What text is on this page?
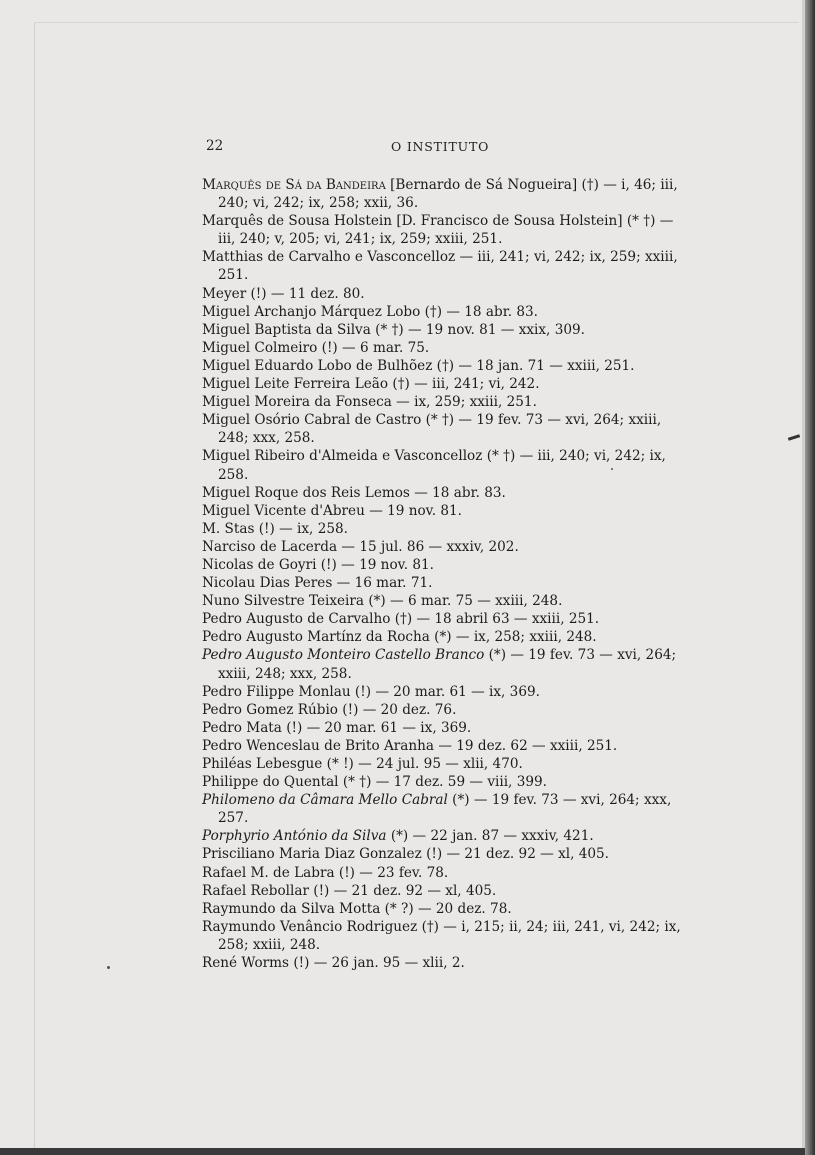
22	O INSTITUTO

Marquês de Sá da Bandeira [Bernardo de Sá Nogueira] (†) — i, 46; iii, 240; vi, 242; ix, 258; xxii, 36.

Marquês de Sousa Holstein [D. Francisco de Sousa Holstein] (* †) — iii, 240; v, 205; vi, 241; ix, 259; xxiii, 251.

Matthias de Carvalho e Vasconcelloz — iii, 241; vi, 242; ix, 259; xxiii, 251.

Meyer (!) — 11 dez. 80.

Miguel Archanjo Márquez Lobo (†) — 18 abr. 83.

Miguel Baptista da Silva (* †) — 19 nov. 81 — xxix, 309.

Miguel Colmeiro (!) — 6 mar. 75.

Miguel Eduardo Lobo de Bulhõez (†) — 18 jan. 71 — xxiii, 251.

Miguel Leite Ferreira Leão (†) — iii, 241; vi, 242.

Miguel Moreira da Fonseca — ix, 259; xxiii, 251.

Miguel Osório Cabral de Castro (* †) — 19 fev. 73 — xvi, 264; xxiii, 248; xxx, 258.

Miguel Ribeiro d'Almeida e Vasconcelloz (* †) — iii, 240; vi, 242; ix, 258.

Miguel Roque dos Reis Lemos — 18 abr. 83.

Miguel Vicente d'Abreu — 19 nov. 81.

M. Stas (!) — ix, 258.

Narciso de Lacerda — 15 jul. 86 — xxxiv, 202.

Nicolas de Goyri (!) — 19 nov. 81.

Nicolau Dias Peres — 16 mar. 71.

Nuno Silvestre Teixeira (*) — 6 mar. 75 — xxiii, 248.

Pedro Augusto de Carvalho (†) — 18 abril 63 — xxiii, 251.

Pedro Augusto Martínz da Rocha (*) — ix, 258; xxiii, 248.

Pedro Augusto Monteiro Castello Branco (*) — 19 fev. 73 — xvi, 264; xxiii, 248; xxx, 258.

Pedro Filippe Monlau (!) — 20 mar. 61 — ix, 369.

Pedro Gomez Rúbio (!) — 20 dez. 76.

Pedro Mata (!) — 20 mar. 61 — ix, 369.

Pedro Wenceslau de Brito Aranha — 19 dez. 62 — xxiii, 251.

Philéas Lebesgue (* !) — 24 jul. 95 — xlii, 470.

Philippe do Quental (* †) — 17 dez. 59 — viii, 399.

Philomeno da Câmara Mello Cabral (*) — 19 fev. 73 — xvi, 264; xxx, 257.

Porphyrio António da Silva (*) — 22 jan. 87 — xxxiv, 421.

Prisciliano Maria Diaz Gonzalez (!) — 21 dez. 92 — xl, 405.

Rafael M. de Labra (!) — 23 fev. 78.

Rafael Rebollar (!) — 21 dez. 92 — xl, 405.

Raymundo da Silva Motta (* ?) — 20 dez. 78.

Raymundo Venâncio Rodriguez (†) — i, 215; ii, 24; iii, 241, vi, 242; ix, 258; xxiii, 248.

René Worms (!) — 26 jan. 95 — xlii, 2.
